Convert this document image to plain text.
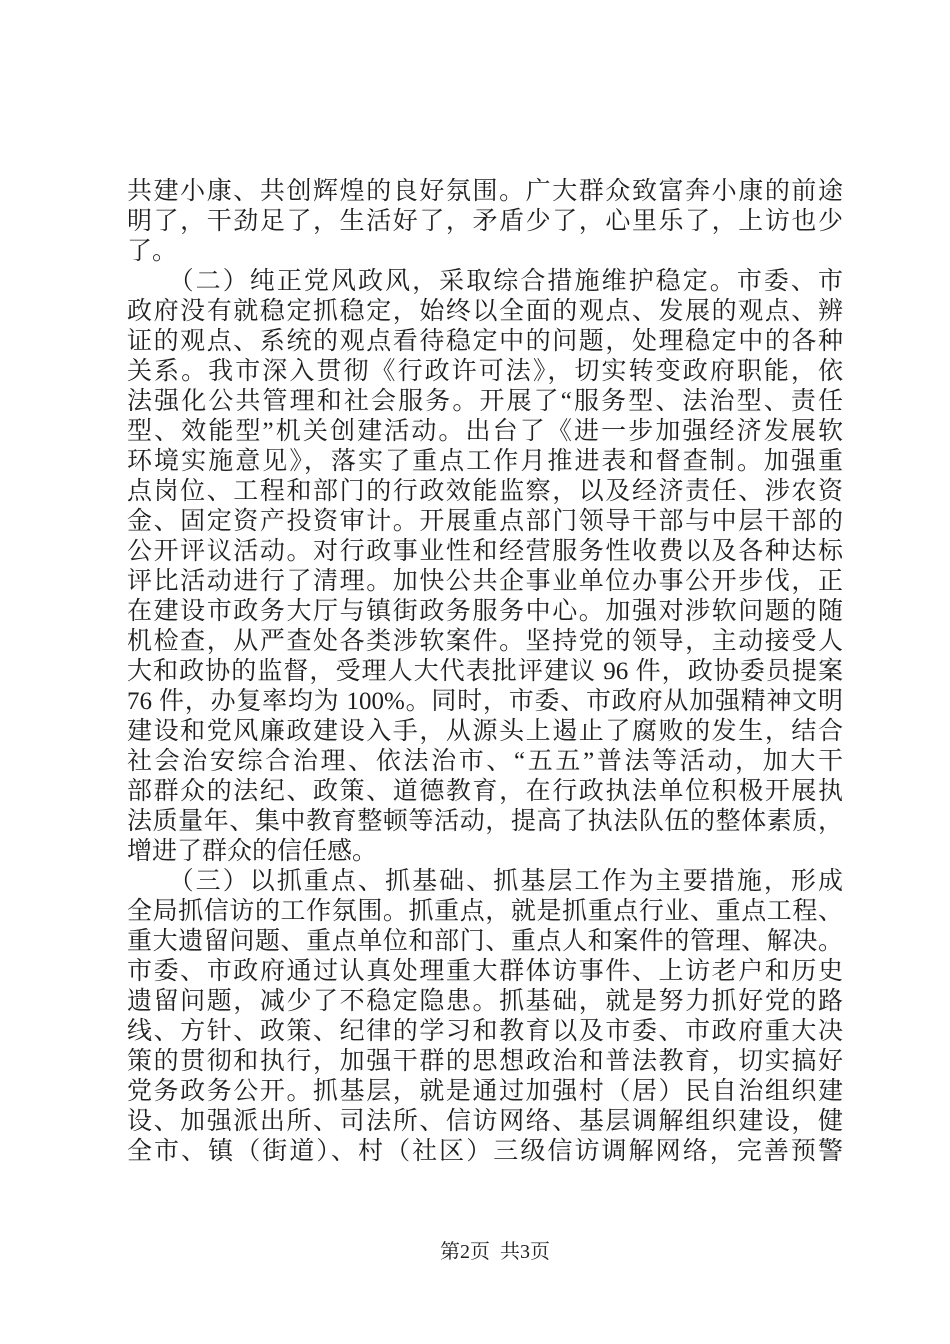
共建小康、共创辉煌的良好氛围。广大群众致富奔小康的前途
明了，干劲足了，生活好了，矛盾少了，心里乐了，上访也少
了。
　　（二）纯正党风政风，采取综合措施维护稳定。市委、市
政府没有就稳定抓稳定，始终以全面的观点、发展的观点、辨
证的观点、系统的观点看待稳定中的问题，处理稳定中的各种
关系。我市深入贯彻《行政许可法》，切实转变政府职能，依
法强化公共管理和社会服务。开展了“服务型、法治型、责任
型、效能型”机关创建活动。出台了《进一步加强经济发展软
环境实施意见》，落实了重点工作月推进表和督查制。加强重
点岗位、工程和部门的行政效能监察，以及经济责任、涉农资
金、固定资产投资审计。开展重点部门领导干部与中层干部的
公开评议活动。对行政事业性和经营服务性收费以及各种达标
评比活动进行了清理。加快公共企事业单位办事公开步伐，正
在建设市政务大厅与镇街政务服务中心。加强对涉软问题的随
机检查，从严查处各类涉软案件。坚持党的领导，主动接受人
大和政协的监督，受理人大代表批评建议 96 件，政协委员提案
76 件，办复率均为 100%。同时，市委、市政府从加强精神文明
建设和党风廉政建设入手，从源头上遏止了腐败的发生，结合
社会治安综合治理、依法治市、“五五”普法等活动，加大干
部群众的法纪、政策、道德教育，在行政执法单位积极开展执
法质量年、集中教育整顿等活动，提高了执法队伍的整体素质，
增进了群众的信任感。
　　（三）以抓重点、抓基础、抓基层工作为主要措施，形成
全局抓信访的工作氛围。抓重点，就是抓重点行业、重点工程、
重大遗留问题、重点单位和部门、重点人和案件的管理、解决。
市委、市政府通过认真处理重大群体访事件、上访老户和历史
遗留问题，减少了不稳定隐患。抓基础，就是努力抓好党的路
线、方针、政策、纪律的学习和教育以及市委、市政府重大决
策的贯彻和执行，加强干群的思想政治和普法教育，切实搞好
党务政务公开。抓基层，就是通过加强村（居）民自治组织建
设、加强派出所、司法所、信访网络、基层调解组织建设，健
全市、镇（街道）、村（社区）三级信访调解网络，完善预警
第2页  共3页
